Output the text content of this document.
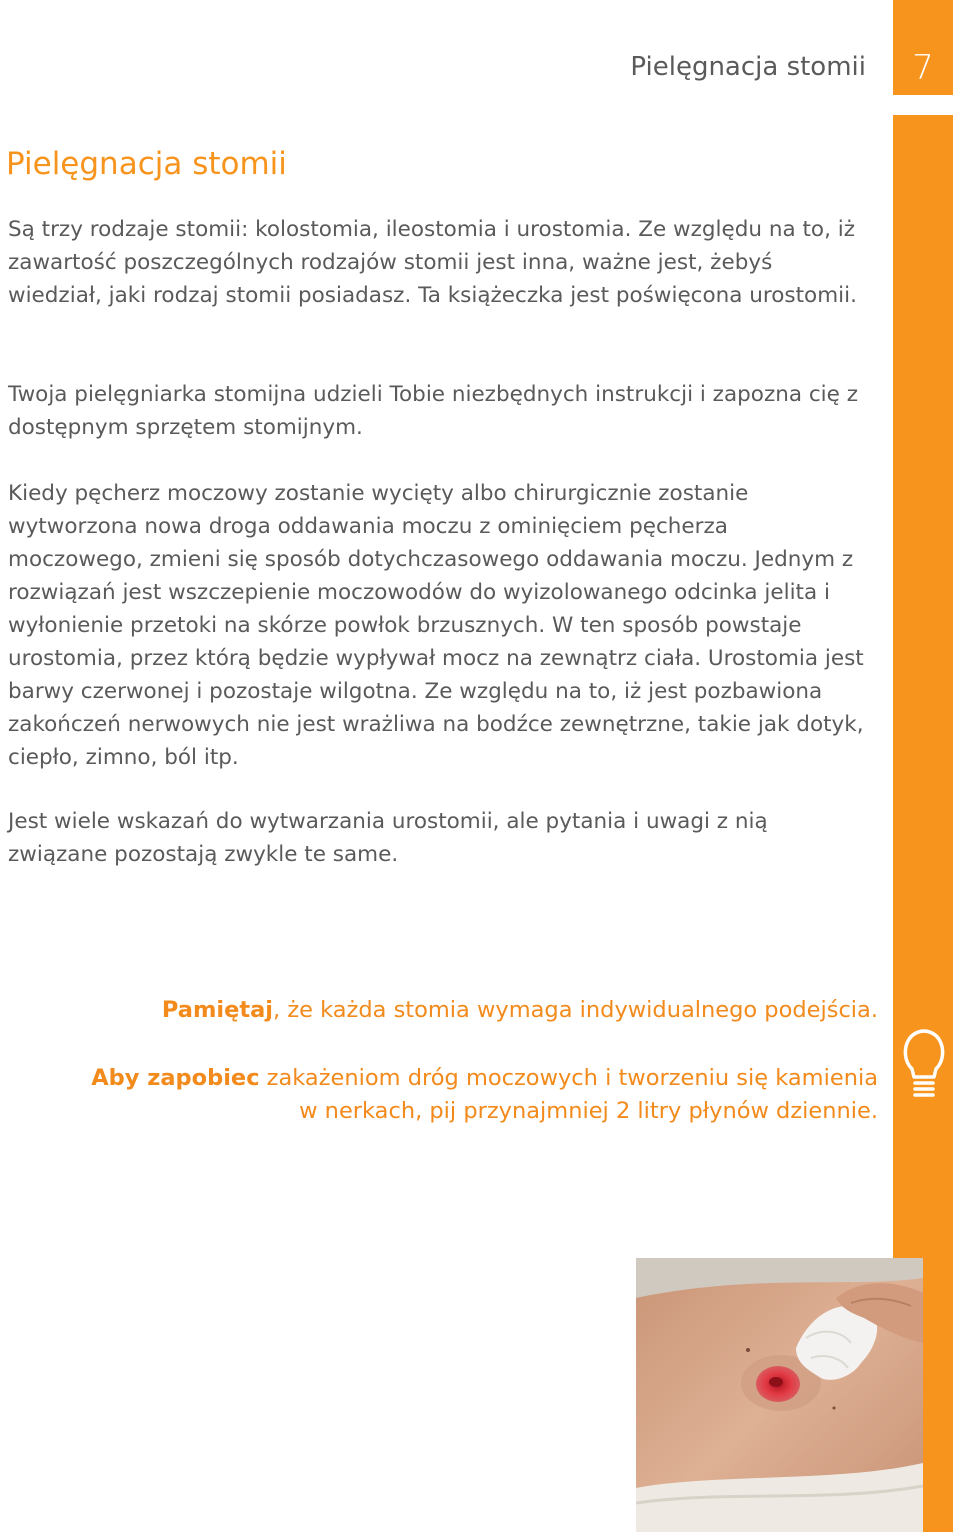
7
Pielęgnacja stomii
Pielęgnacja stomii
Są trzy rodzaje stomii: kolostomia, ileostomia i urostomia. Ze względu na to, iż zawartość poszczególnych rodzajów stomii jest inna, ważne jest, żebyś wiedział, jaki rodzaj stomii posiadasz. Ta książeczka jest poświęcona urostomii.
Twoja pielęgniarka stomijna udzieli Tobie niezbędnych instrukcji i zapozna cię z dostępnym sprzętem stomijnym.
Kiedy pęcherz moczowy zostanie wycięty albo chirurgicznie zostanie wytworzona nowa droga oddawania moczu z ominięciem pęcherza moczowego, zmieni się sposób dotychczasowego oddawania moczu. Jednym z rozwiązań jest wszczepienie moczowodów do wyizolowanego odcinka jelita i wyłonienie przetoki na skórze powłok brzusznych. W ten sposób powstaje urostomia, przez którą będzie wypływał mocz na zewnątrz ciała. Urostomia jest barwy czerwonej i pozostaje wilgotna. Ze względu na to, iż jest pozbawiona zakończeń nerwowych nie jest wrażliwa na bodźce zewnętrzne, takie jak dotyk, ciepło, zimno, ból itp.
Jest wiele wskazań do wytwarzania urostomii, ale pytania i uwagi z nią związane pozostają zwykle te same.
Pamiętaj, że każda stomia wymaga indywidualnego podejścia.
Aby zapobiec zakażeniom dróg moczowych i tworzeniu się kamienia w nerkach, pij przynajmniej 2 litry płynów dziennie.
